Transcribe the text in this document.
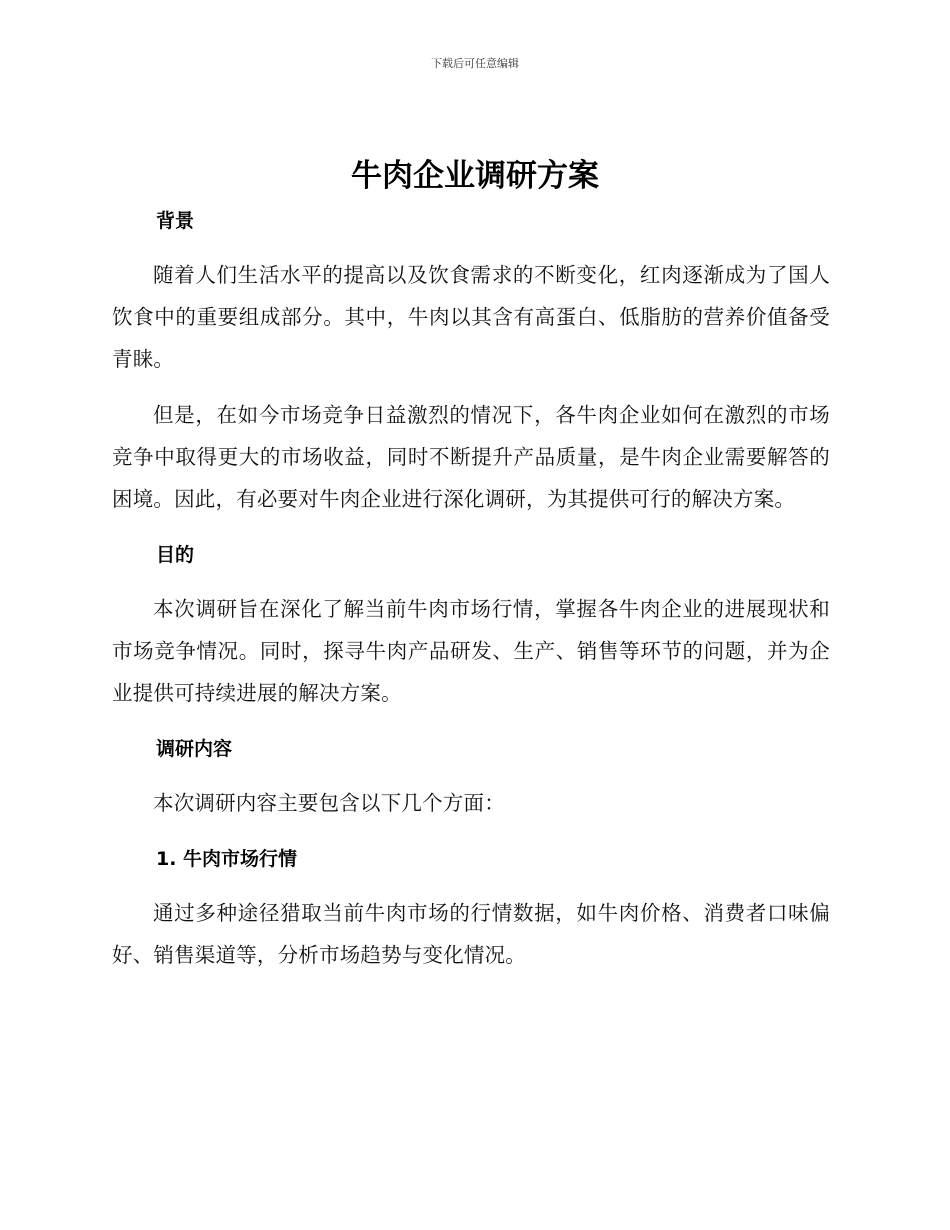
下载后可任意编辑
牛肉企业调研方案
背景

随着人们生活水平的提高以及饮食需求的不断变化，红肉逐渐成为了国人饮食中的重要组成部分。其中，牛肉以其含有高蛋白、低脂肪的营养价值备受青睐。

但是，在如今市场竞争日益激烈的情况下，各牛肉企业如何在激烈的市场竞争中取得更大的市场收益，同时不断提升产品质量，是牛肉企业需要解答的困境。因此，有必要对牛肉企业进行深化调研，为其提供可行的解决方案。

目的

本次调研旨在深化了解当前牛肉市场行情，掌握各牛肉企业的进展现状和市场竞争情况。同时，探寻牛肉产品研发、生产、销售等环节的问题，并为企业提供可持续进展的解决方案。

调研内容

本次调研内容主要包含以下几个方面：

1. 牛肉市场行情

通过多种途径猎取当前牛肉市场的行情数据，如牛肉价格、消费者口味偏好、销售渠道等，分析市场趋势与变化情况。
